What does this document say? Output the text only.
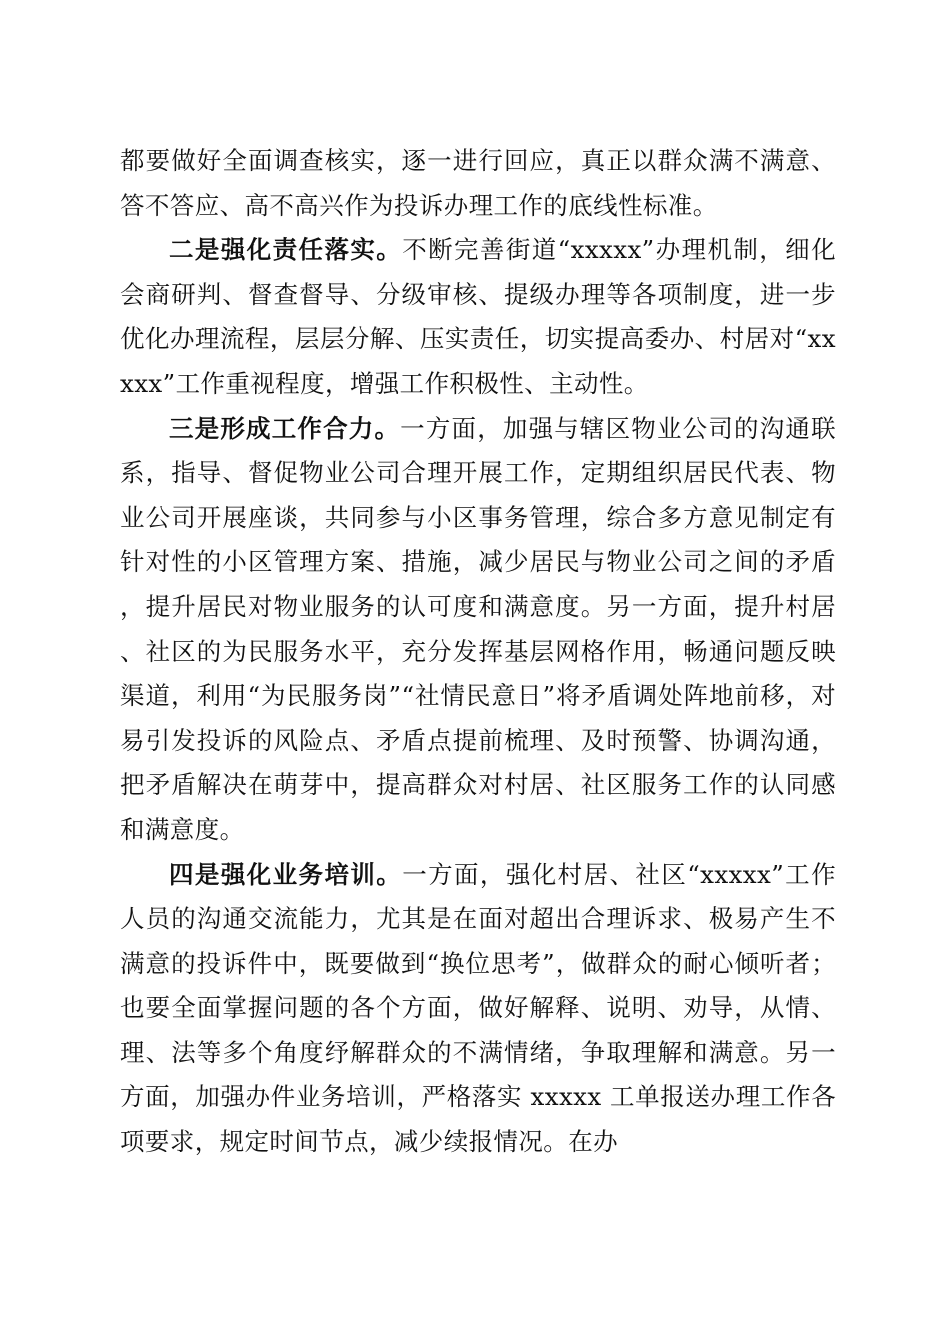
都要做好全面调查核实，逐一进行回应，真正以群众满不满意、答不答应、高不高兴作为投诉办理工作的底线性标准。

二是强化责任落实。不断完善街道“xxxxx”办理机制，细化会商研判、督查督导、分级审核、提级办理等各项制度，进一步优化办理流程，层层分解、压实责任，切实提高委办、村居对“xxxxx”工作重视程度，增强工作积极性、主动性。

三是形成工作合力。一方面，加强与辖区物业公司的沟通联系，指导、督促物业公司合理开展工作，定期组织居民代表、物业公司开展座谈，共同参与小区事务管理，综合多方意见制定有针对性的小区管理方案、措施，减少居民与物业公司之间的矛盾，提升居民对物业服务的认可度和满意度。另一方面，提升村居、社区的为民服务水平，充分发挥基层网格作用，畅通问题反映渠道，利用“为民服务岗”“社情民意日”将矛盾调处阵地前移，对易引发投诉的风险点、矛盾点提前梳理、及时预警、协调沟通，把矛盾解决在萌芽中，提高群众对村居、社区服务工作的认同感和满意度。

四是强化业务培训。一方面，强化村居、社区“xxxxx”工作人员的沟通交流能力，尤其是在面对超出合理诉求、极易产生不满意的投诉件中，既要做到“换位思考”，做群众的耐心倾听者；也要全面掌握问题的各个方面，做好解释、说明、劝导，从情、理、法等多个角度纾解群众的不满情绪，争取理解和满意。另一方面，加强办件业务培训，严格落实 xxxxx 工单报送办理工作各项要求，规定时间节点，减少续报情况。在办
